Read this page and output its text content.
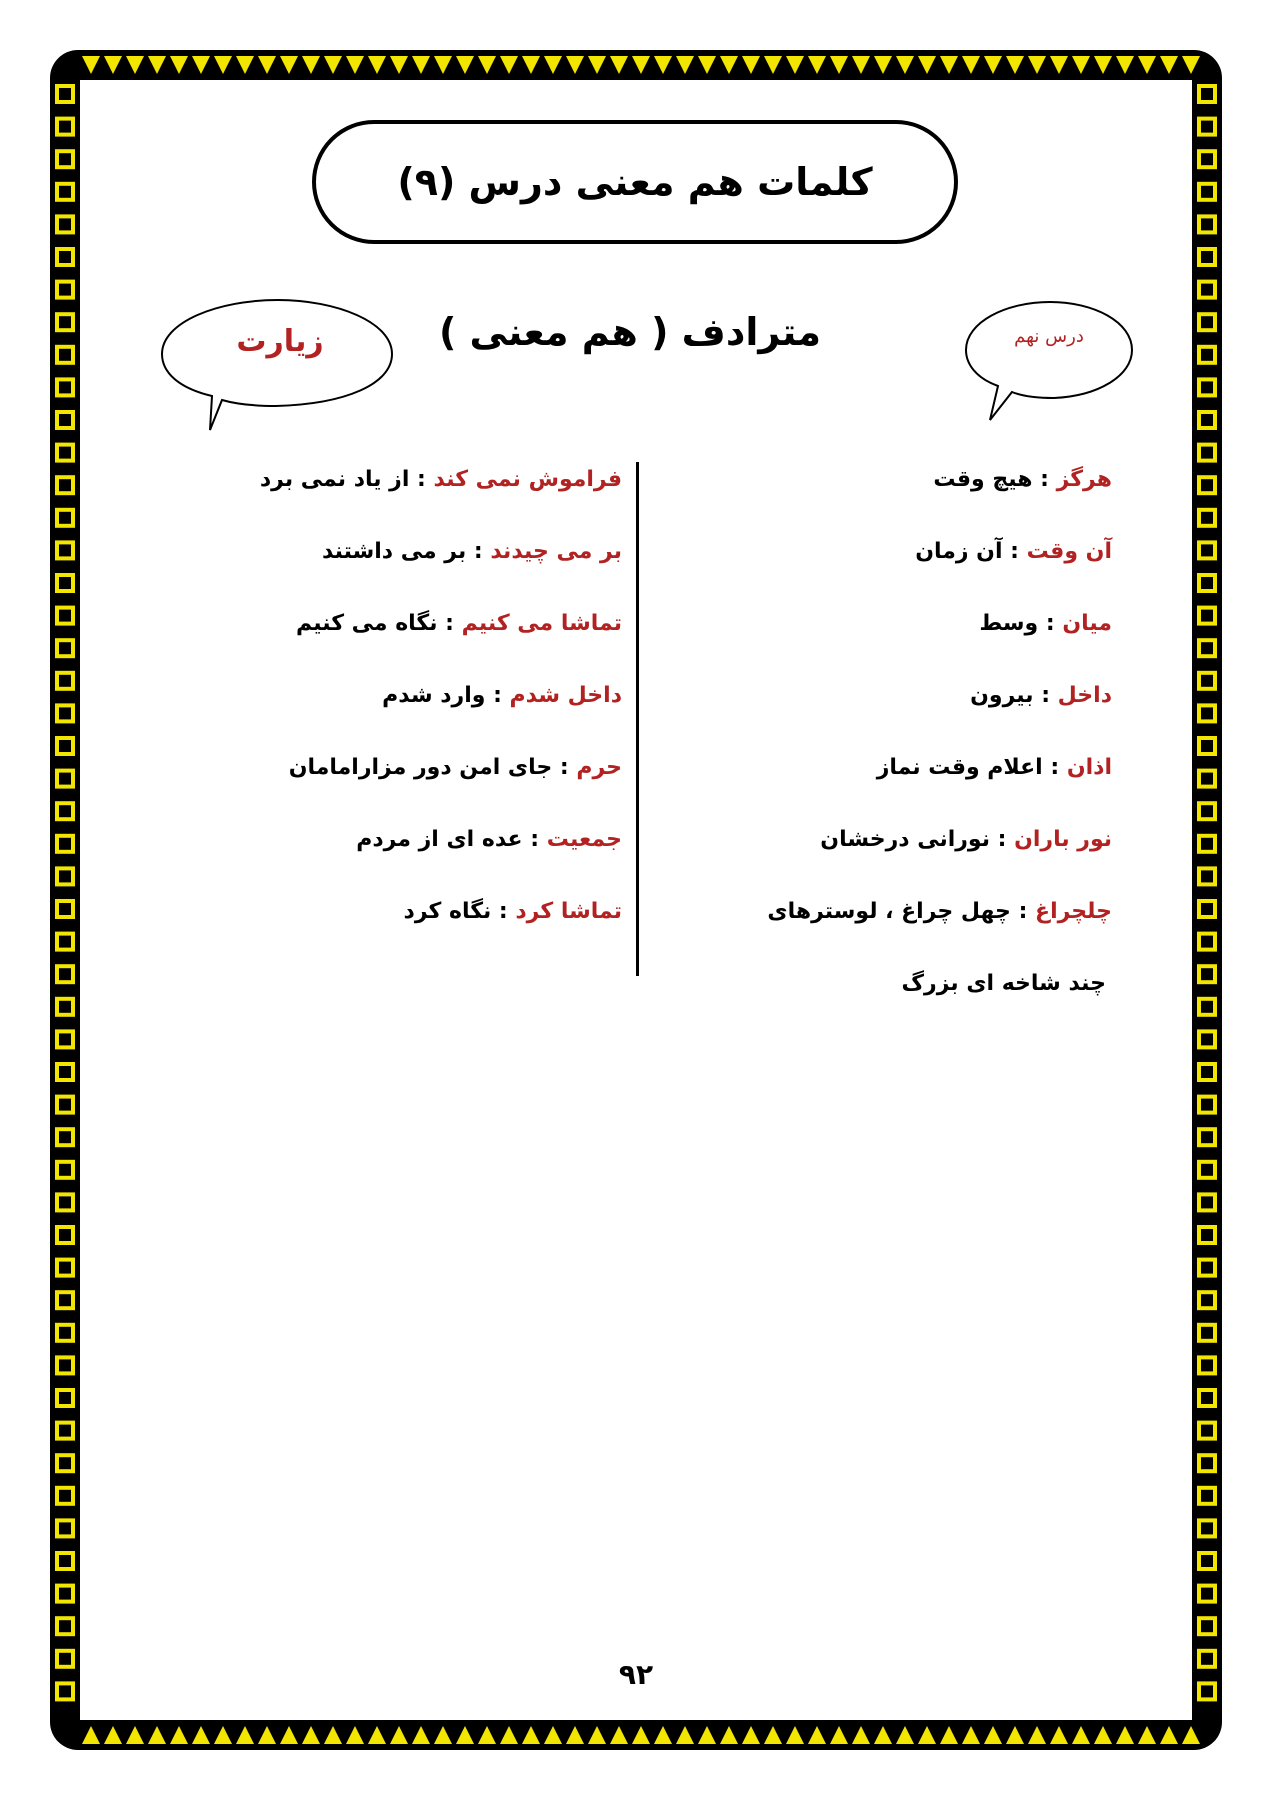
کلمات هم معنی درس (۹)
زیارت	درس نهم
مترادف ( هم معنی )
هرگز : هیچ وقت
آن وقت : آن زمان
میان : وسط
داخل : بیرون
اذان : اعلام وقت نماز
نور باران : نورانی درخشان
چلچراغ : چهل چراغ ، لوسترهای
چند شاخه ای بزرگ
فراموش نمی کند : از یاد نمی برد
بر می چیدند : بر می داشتند
تماشا می کنیم : نگاه می کنیم
داخل شدم : وارد شدم
حرم : جای امن دور مزارامامان
جمعیت : عده ای از مردم
تماشا کرد : نگاه کرد
۹۲
